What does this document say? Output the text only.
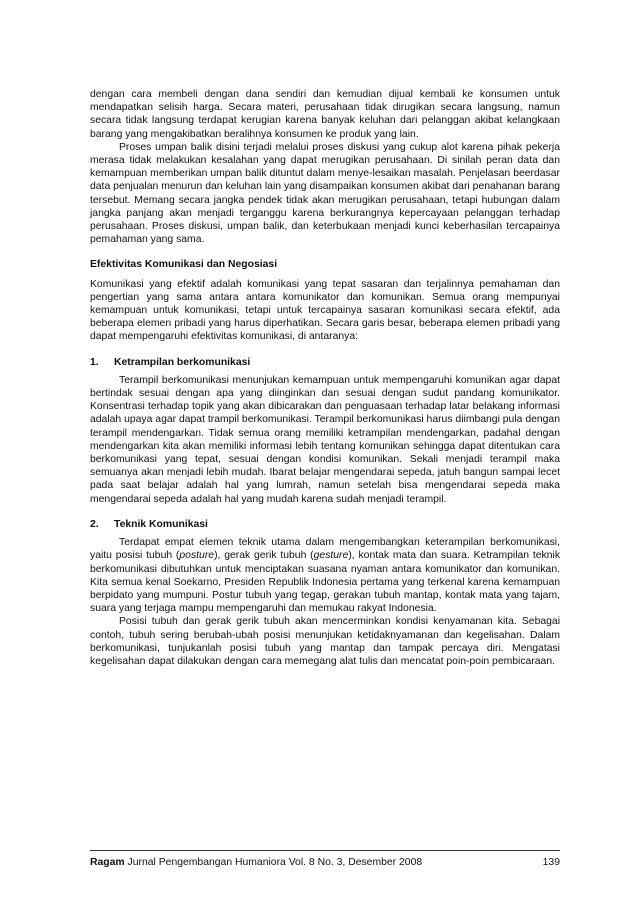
dengan cara membeli dengan dana sendiri dan kemudian dijual kembali ke konsumen untuk mendapatkan selisih harga. Secara materi, perusahaan tidak dirugikan secara langsung, namun secara tidak langsung terdapat kerugian karena banyak keluhan dari pelanggan akibat kelangkaan barang yang mengakibatkan beralihnya konsumen ke produk yang lain.

Proses umpan balik disini terjadi melalui proses diskusi yang cukup alot karena pihak pekerja merasa tidak melakukan kesalahan yang dapat merugikan perusahaan. Di sinilah peran data dan kemampuan memberikan umpan balik dituntut dalam menye-lesaikan masalah. Penjelasan beerdasar data penjualan menurun dan keluhan lain yang disampaikan konsumen akibat dari penahanan barang tersebut. Memang secara jangka pendek tidak akan merugikan perusahaan, tetapi hubungan dalam jangka panjang akan menjadi terganggu karena berkurangnya kepercayaan pelanggan terhadap perusahaan. Proses diskusi, umpan balik, dan keterbukaan menjadi kunci keberhasilan tercapainya pemahaman yang sama.

Efektivitas Komunikasi dan Negosiasi

Komunikasi yang efektif adalah komunikasi yang tepat sasaran dan terjalinnya pemahaman dan pengertian yang sama antara antara komunikator dan komunikan. Semua orang mempunyai kemampuan untuk komunikasi, tetapi untuk tercapainya sasaran komunikasi secara efektif, ada beberapa elemen pribadi yang harus diperhatikan. Secara garis besar, beberapa elemen pribadi yang dapat mempengaruhi efektivitas komunikasi, di antaranya:

1.	Ketrampilan berkomunikasi

Terampil berkomunikasi menunjukan kemampuan untuk mempengaruhi komunikan agar dapat bertindak sesuai dengan apa yang diinginkan dan sesuai dengan sudut pandang komunikator. Konsentrasi terhadap topik yang akan dibicarakan dan penguasaan terhadap latar belakang informasi adalah upaya agar dapat trampil berkomunikasi. Terampil berkomunikasi harus diimbangi pula dengan terampil mendengarkan. Tidak semua orang memiliki ketrampilan mendengarkan, padahal dengan mendengarkan kita akan memiliki informasi lebih tentang komunikan sehingga dapat ditentukan cara berkomunikasi yang tepat, sesuai dengan kondisi komunikan. Sekali menjadi terampil maka semuanya akan menjadi lebih mudah. Ibarat belajar mengendarai sepeda, jatuh bangun sampai lecet pada saat belajar adalah hal yang lumrah, namun setelah bisa mengendarai sepeda maka mengendarai sepeda adalah hal yang mudah karena sudah menjadi terampil.

2.	Teknik Komunikasi

Terdapat empat elemen teknik utama dalam mengembangkan keterampilan berkomunikasi, yaitu posisi tubuh (posture), gerak gerik tubuh (gesture), kontak mata dan suara. Ketrampilan teknik berkomunikasi dibutuhkan untuk menciptakan suasana nyaman antara komunikator dan komunikan. Kita semua kenal Soekarno, Presiden Republik Indonesia pertama yang terkenal karena kemampuan berpidato yang mumpuni. Postur tubuh yang tegap, gerakan tubuh mantap, kontak mata yang tajam, suara yang terjaga mampu mempengaruhi dan memukau rakyat Indonesia.

Posisi tubuh dan gerak gerik tubuh akan mencerminkan kondisi kenyamanan kita. Sebagai contoh, tubuh sering berubah-ubah posisi menunjukan ketidaknyamanan dan kegelisahan. Dalam berkomunikasi, tunjukanlah posisi tubuh yang mantap dan tampak percaya diri. Mengatasi kegelisahan dapat dilakukan dengan cara memegang alat tulis dan mencatat poin-poin pembicaraan.

Ragam Jurnal Pengembangan Humaniora Vol. 8 No. 3, Desember 2008	139
